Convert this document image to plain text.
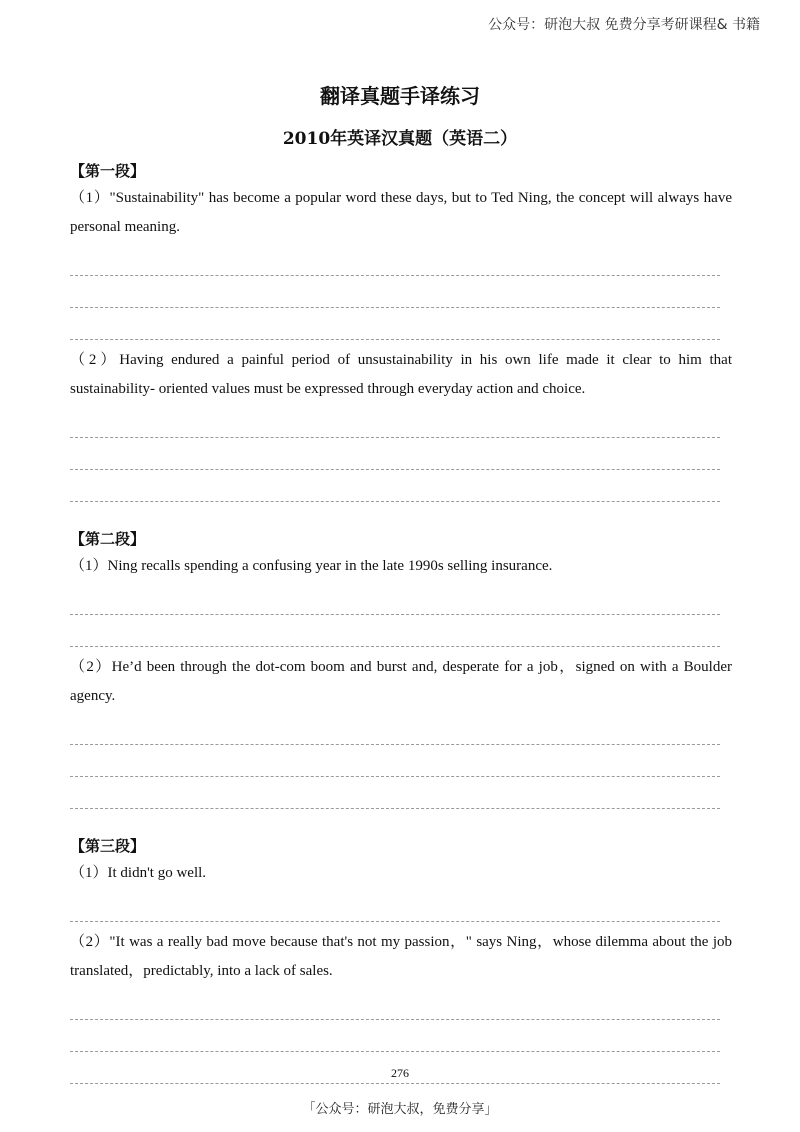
公众号：研泡大叔 免费分享考研课程& 书籍
翻译真题手译练习
2010年英译汉真题（英语二）
【第一段】
（1）"Sustainability" has become a popular word these days, but to Ted Ning, the concept will always have personal meaning.
（2）Having endured a painful period of unsustainability in his own life made it clear to him that sustainability- oriented values must be expressed through everyday action and choice.
【第二段】
（1）Ning recalls spending a confusing year in the late 1990s selling insurance.
（2）He’d been through the dot-com boom and burst and, desperate for a job，signed on with a Boulder agency.
【第三段】
（1）It didn't go well.
（2）"It was a really bad move because that's not my passion，" says Ning，whose dilemma about the job translated，predictably, into a lack of sales.
276
「公众号：研泡大叔，免费分享」
